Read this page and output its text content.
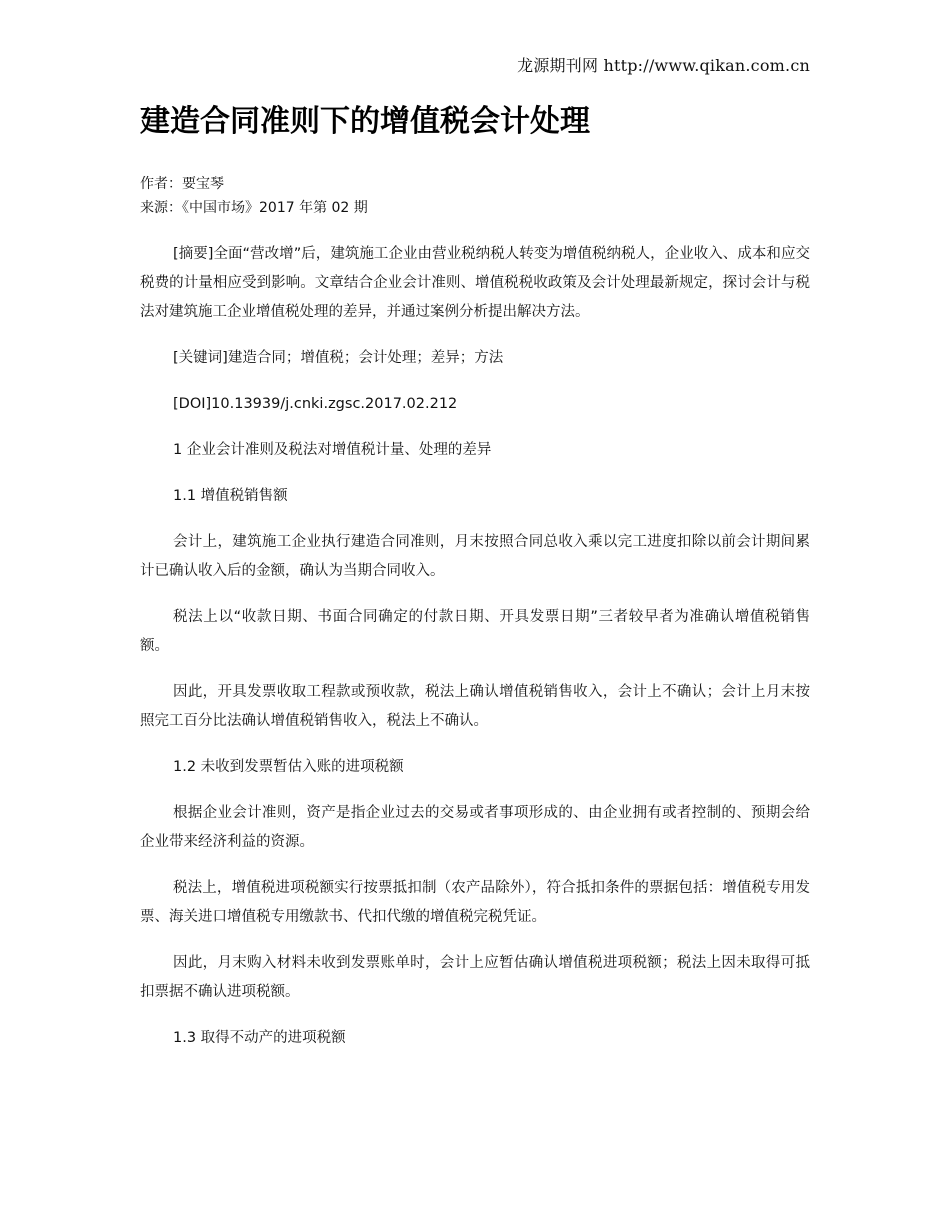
龙源期刊网 http://www.qikan.com.cn
建造合同准则下的增值税会计处理
作者：要宝琴
来源：《中国市场》2017 年第 02 期

[摘要]全面“营改增”后，建筑施工企业由营业税纳税人转变为增值税纳税人，企业收入、成本和应交税费的计量相应受到影响。文章结合企业会计准则、增值税税收政策及会计处理最新规定，探讨会计与税法对建筑施工企业增值税处理的差异，并通过案例分析提出解决方法。

[关键词]建造合同；增值税；会计处理；差异；方法

[DOI]10.13939/j.cnki.zgsc.2017.02.212

1 企业会计准则及税法对增值税计量、处理的差异

1.1 增值税销售额

会计上，建筑施工企业执行建造合同准则，月末按照合同总收入乘以完工进度扣除以前会计期间累计已确认收入后的金额，确认为当期合同收入。

税法上以“收款日期、书面合同确定的付款日期、开具发票日期”三者较早者为准确认增值税销售额。

因此，开具发票收取工程款或预收款，税法上确认增值税销售收入，会计上不确认；会计上月末按照完工百分比法确认增值税销售收入，税法上不确认。

1.2 未收到发票暂估入账的进项税额

根据企业会计准则，资产是指企业过去的交易或者事项形成的、由企业拥有或者控制的、预期会给企业带来经济利益的资源。

税法上，增值税进项税额实行按票抵扣制（农产品除外），符合抵扣条件的票据包括：增值税专用发票、海关进口增值税专用缴款书、代扣代缴的增值税完税凭证。

因此，月末购入材料未收到发票账单时，会计上应暂估确认增值税进项税额；税法上因未取得可抵扣票据不确认进项税额。

1.3 取得不动产的进项税额
